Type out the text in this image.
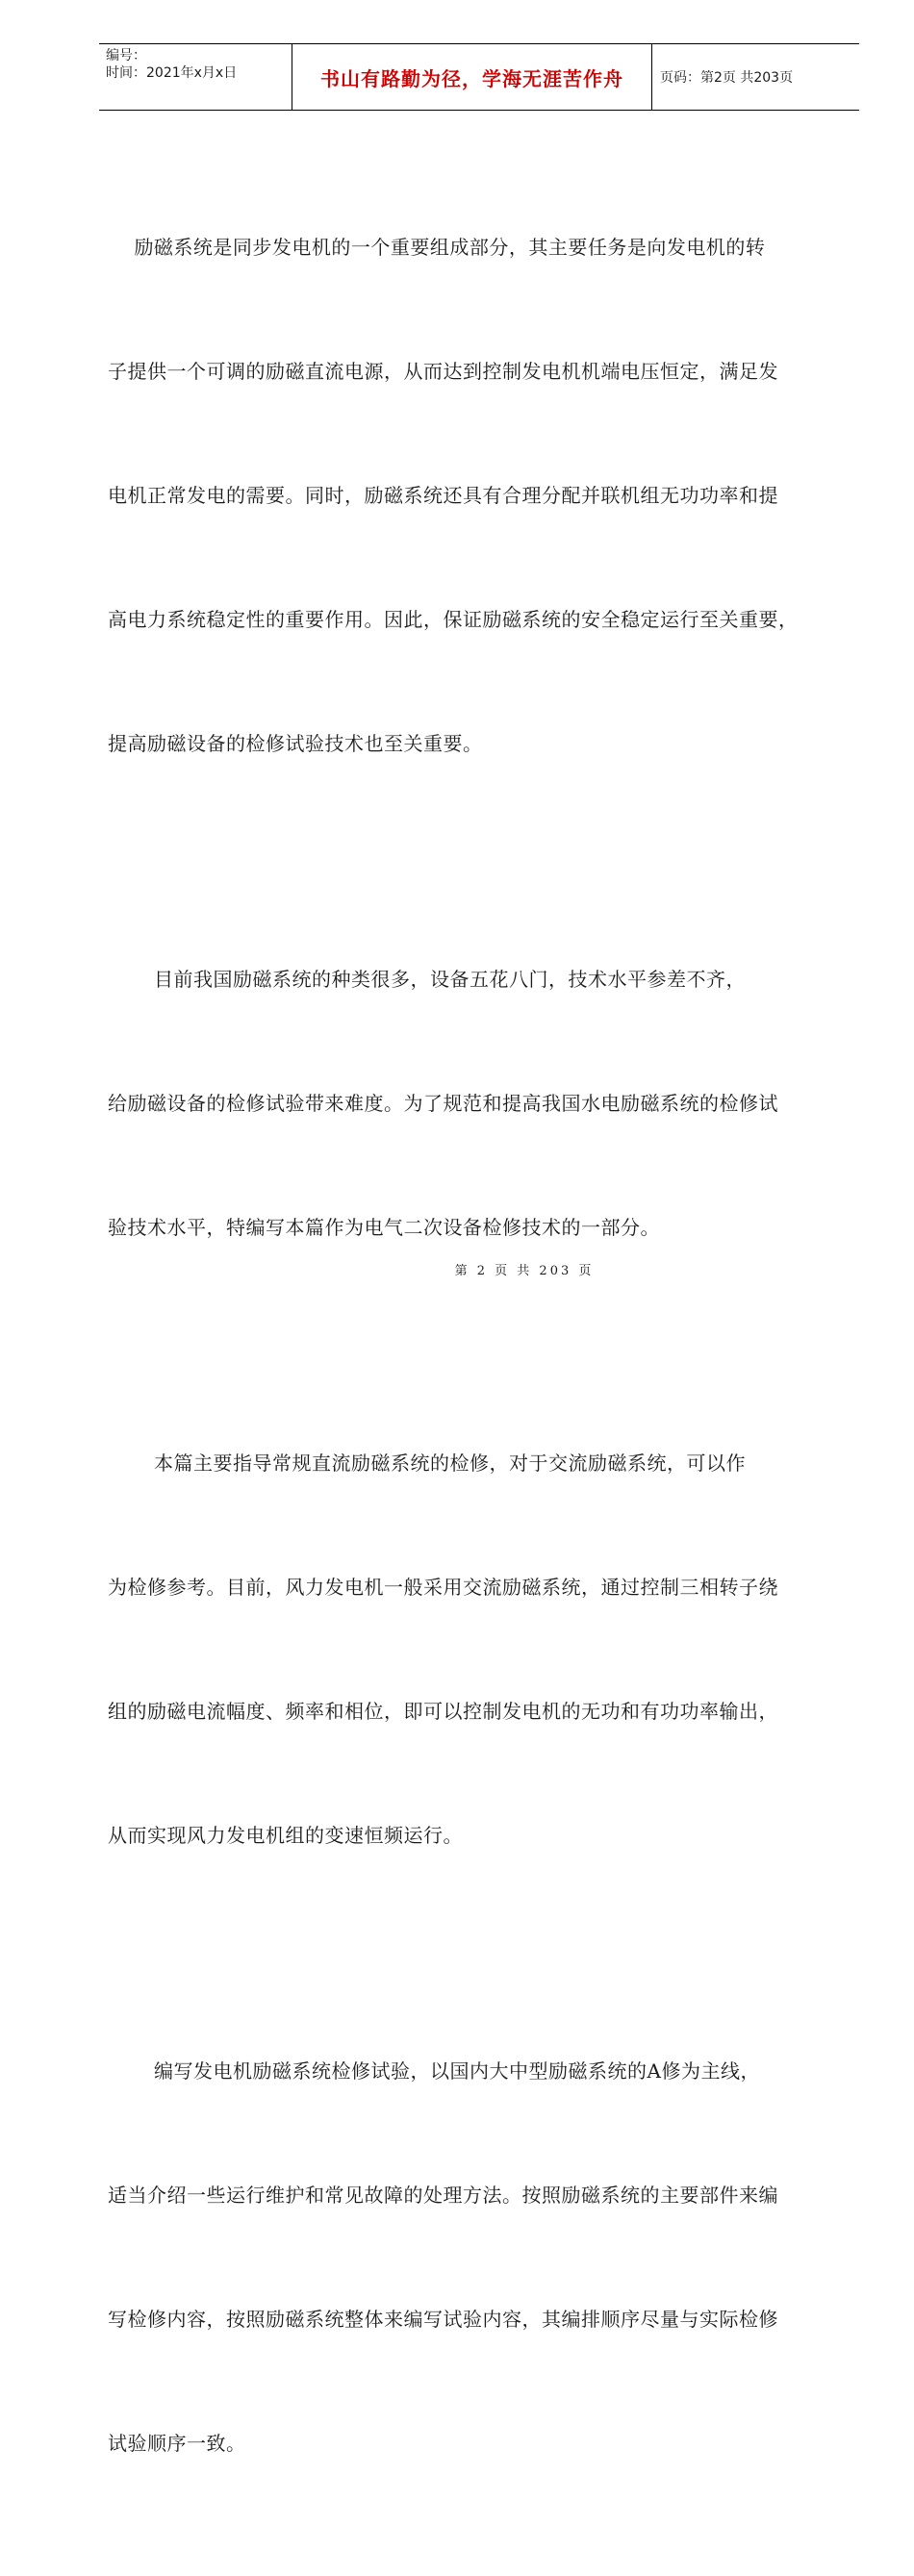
编号：
时间：2021年x月x日	书山有路勤为径，学海无涯苦作舟	页码：第2页 共203页

励磁系统是同步发电机的一个重要组成部分，其主要任务是向发电机的转

子提供一个可调的励磁直流电源，从而达到控制发电机机端电压恒定，满足发

电机正常发电的需要。同时，励磁系统还具有合理分配并联机组无功功率和提

高电力系统稳定性的重要作用。因此，保证励磁系统的安全稳定运行至关重要，

提高励磁设备的检修试验技术也至关重要。

目前我国励磁系统的种类很多，设备五花八门，技术水平参差不齐，

给励磁设备的检修试验带来难度。为了规范和提高我国水电励磁系统的检修试

验技术水平，特编写本篇作为电气二次设备检修技术的一部分。

本篇主要指导常规直流励磁系统的检修，对于交流励磁系统，可以作

为检修参考。目前，风力发电机一般采用交流励磁系统，通过控制三相转子绕

组的励磁电流幅度、频率和相位，即可以控制发电机的无功和有功功率输出，

从而实现风力发电机组的变速恒频运行。

编写发电机励磁系统检修试验，以国内大中型励磁系统的A修为主线，

适当介绍一些运行维护和常见故障的处理方法。按照励磁系统的主要部件来编

写检修内容，按照励磁系统整体来编写试验内容，其编排顺序尽量与实际检修

试验顺序一致。

第 2 页 共 203 页
